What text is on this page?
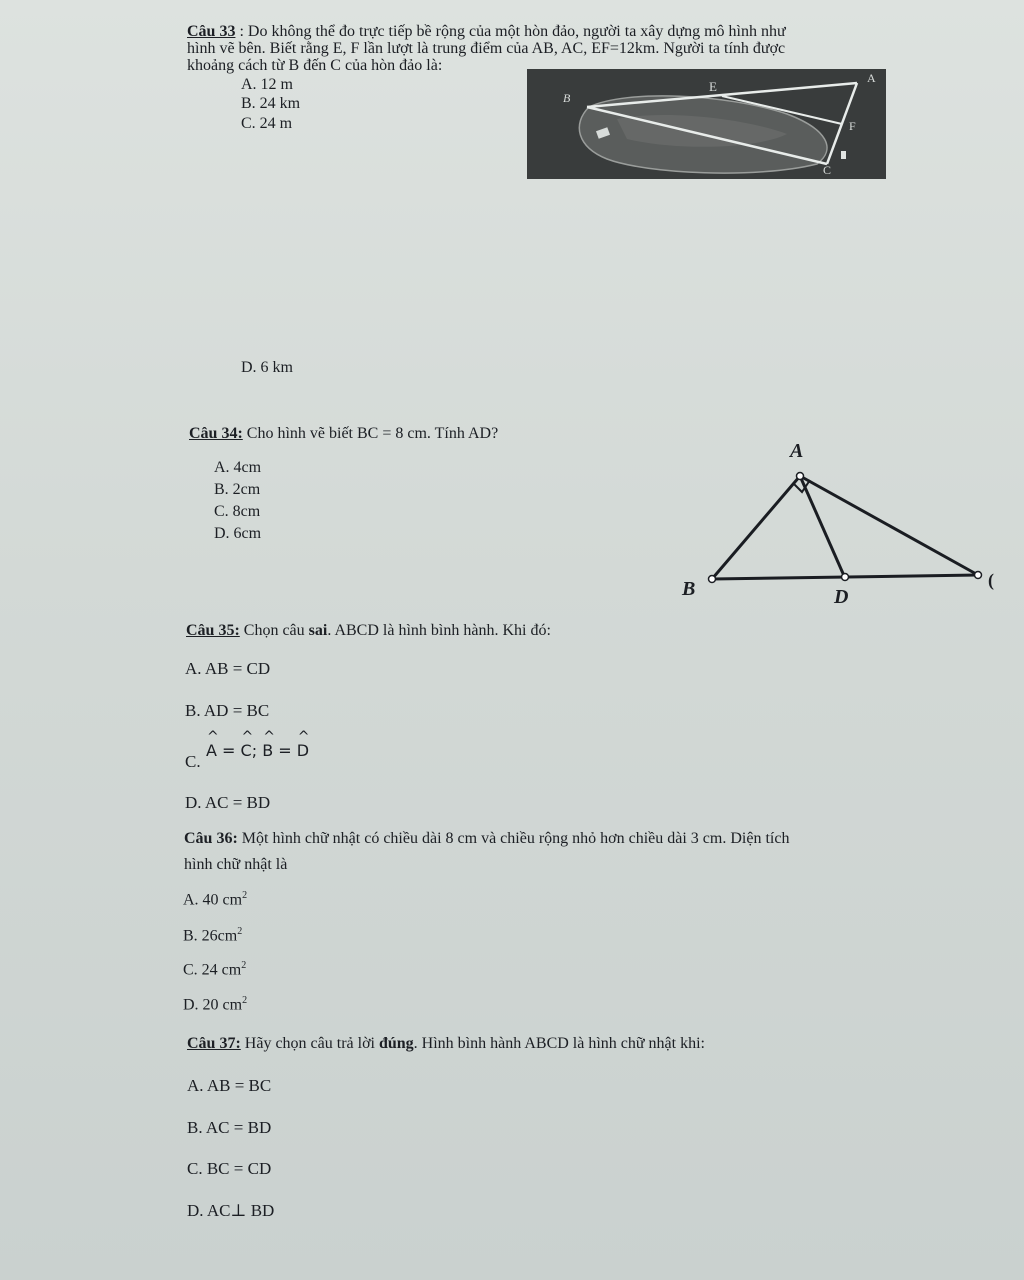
Câu 33 : Do không thể đo trực tiếp bề rộng của một hòn đảo, người ta xây dựng mô hình như
hình vẽ bên. Biết rằng E, F lần lượt là trung điểm của AB, AC, EF=12km. Người ta tính được
khoảng cách từ B đến C của hòn đảo là:
A. 12 m
B. 24 km
C. 24 m
D. 6 km
B
E
A
F
C
Câu 34: Cho hình vẽ biết BC = 8 cm. Tính AD?
A. 4cm
B. 2cm
C. 8cm
D. 6cm
A
B	D
(
Câu 35: Chọn câu sai. ABCD là hình bình hành. Khi đó:
A. AB = CD
B. AD = BC
C.
^ A = ^ C; ^ B = ^ D
D. AC = BD
Câu 36: Một hình chữ nhật có chiều dài 8 cm và chiều rộng nhỏ hơn chiều dài 3 cm. Diện tích
hình chữ nhật là
A. 40 $cm^2$
B. $26cm^2$
C. 24 $cm^2$
D. 20 $cm^2$
Câu 37: Hãy chọn câu trả lời đúng. Hình bình hành ABCD là hình chữ nhật khi:
A. AB = BC
B. AC = BD
C. BC = CD
D. AC⊥ BD
